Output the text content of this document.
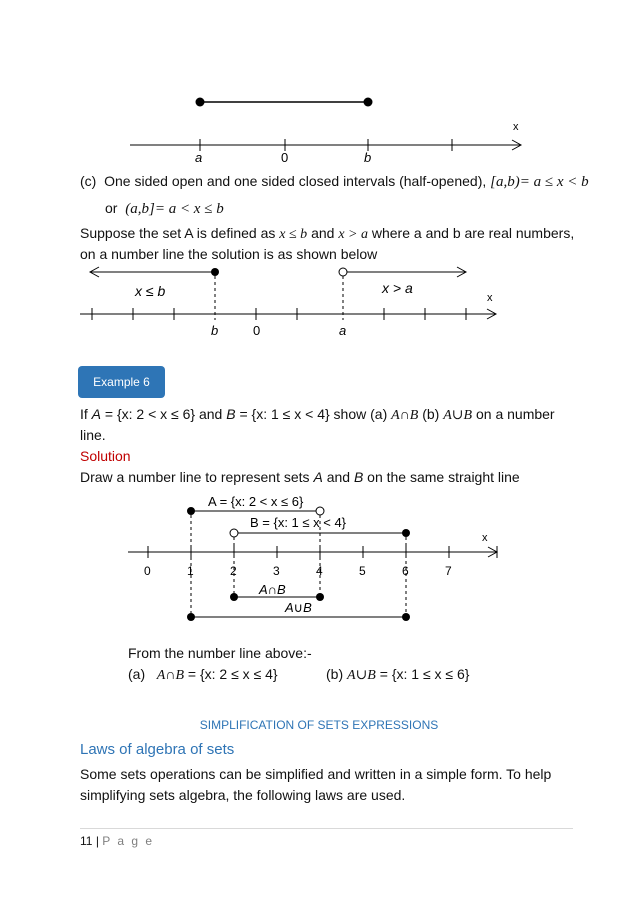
x
a	0	b
(c) One sided open and one sided closed intervals (half-opened), [a,b)= a ≤ x < b
or (a,b]= a < x ≤ b
Suppose the set A is defined as x ≤ b and x > a where a and b are real numbers,
on a number line the solution is as shown below
x ≤ b	x > a
x
b	0	a
Example 6
If A = {x: 2 < x ≤ 6} and B = {x: 1 ≤ x < 4} show (a) A∩B (b) A∪B on a number
line.
Solution
Draw a number line to represent sets A and B on the same straight line
A = {x: 2 < x ≤ 6}
B = {x: 1 ≤ x < 4}
x
0	1	2	3	4	5	6	7
A∩B
A∪B
From the number line above:-
(a) A∩B = {x: 2 ≤ x ≤ 4}	(b) A∪B = {x: 1 ≤ x ≤ 6}
SIMPLIFICATION OF SETS EXPRESSIONS
Laws of algebra of sets
Some sets operations can be simplified and written in a simple form. To help
simplifying sets algebra, the following laws are used.
11 | P a g e
